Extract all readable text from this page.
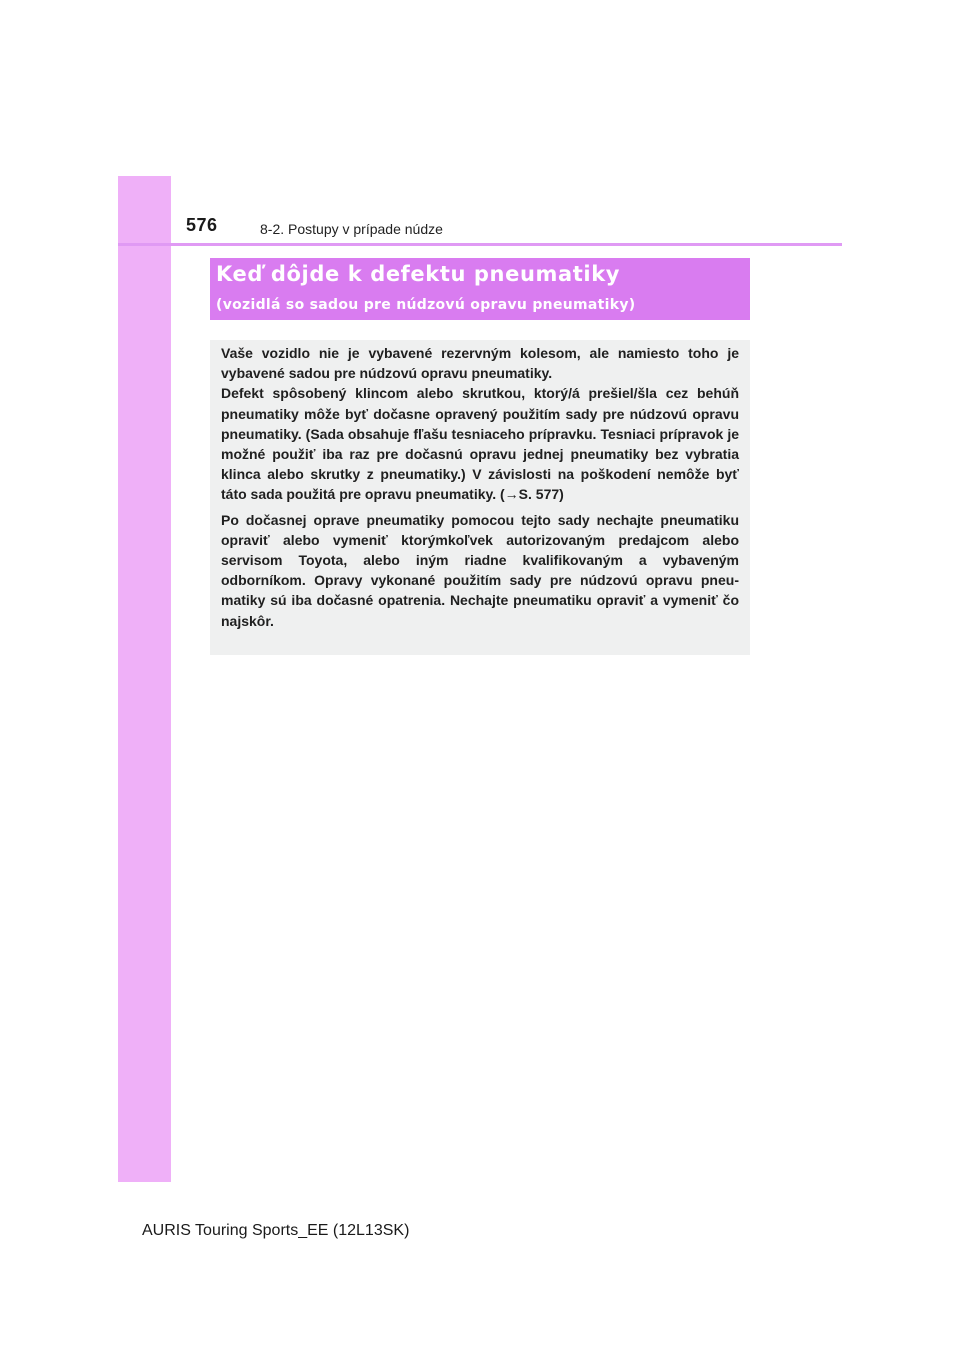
576	8-2. Postupy v prípade núdze
Keď dôjde k defektu pneumatiky
(vozidlá so sadou pre núdzovú opravu pneumatiky)

Vaše vozidlo nie je vybavené rezervným kolesom, ale namiesto toho je vybavené sadou pre núdzovú opravu pneumatiky.

Defekt spôsobený klincom alebo skrutkou, ktorý/á prešiel/šla cez behúň pneumatiky môže byť dočasne opravený použitím sady pre núdzovú opravu pneumatiky. (Sada obsahuje fľašu tesniaceho prípravku. Tesniaci prípravok je možné použiť iba raz pre dočasnú opravu jednej pneumatiky bez vybratia klinca alebo skrutky z pneumatiky.) V závislosti na poškodení nemôže byť táto sada použitá pre opravu pneumatiky. (→S. 577)

Po dočasnej oprave pneumatiky pomocou tejto sady nechajte pneumatiku opraviť alebo vymeniť ktorýmkoľvek autorizovaným predajcom alebo servisom Toyota, alebo iným riadne kvalifikovaným a vybaveným odborníkom. Opravy vykonané použitím sady pre núdzovú opravu pneumatiky sú iba dočasné opatrenia. Nechajte pneumatiku opraviť a vymeniť čo najskôr.

AURIS Touring Sports_EE (12L13SK)
